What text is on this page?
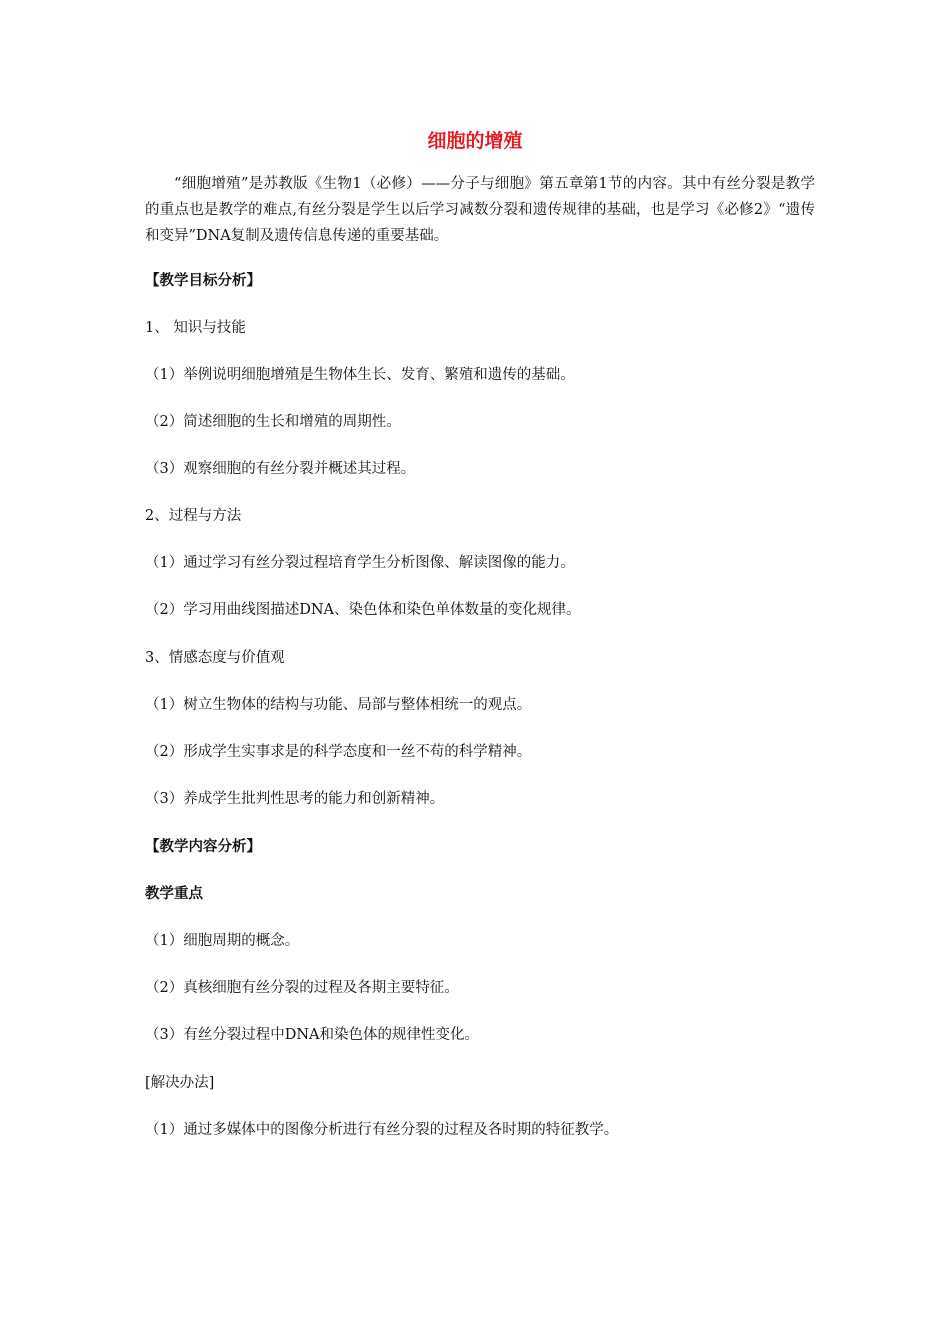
细胞的增殖
“细胞增殖”是苏教版《生物1（必修）——分子与细胞》第五章第1节的内容。其中有丝分裂是教学的重点也是教学的难点,有丝分裂是学生以后学习减数分裂和遗传规律的基础，也是学习《必修2》“遗传和变异”DNA复制及遗传信息传递的重要基础。
【教学目标分析】
1、 知识与技能
（1）举例说明细胞增殖是生物体生长、发育、繁殖和遗传的基础。
（2）简述细胞的生长和增殖的周期性。
（3）观察细胞的有丝分裂并概述其过程。
2、过程与方法
（1）通过学习有丝分裂过程培育学生分析图像、解读图像的能力。
（2）学习用曲线图描述DNA、染色体和染色单体数量的变化规律。
3、情感态度与价值观
（1）树立生物体的结构与功能、局部与整体相统一的观点。
（2）形成学生实事求是的科学态度和一丝不苟的科学精神。
（3）养成学生批判性思考的能力和创新精神。
【教学内容分析】
教学重点
（1）细胞周期的概念。
（2）真核细胞有丝分裂的过程及各期主要特征。
（3）有丝分裂过程中DNA和染色体的规律性变化。
[解决办法]
（1）通过多媒体中的图像分析进行有丝分裂的过程及各时期的特征教学。
